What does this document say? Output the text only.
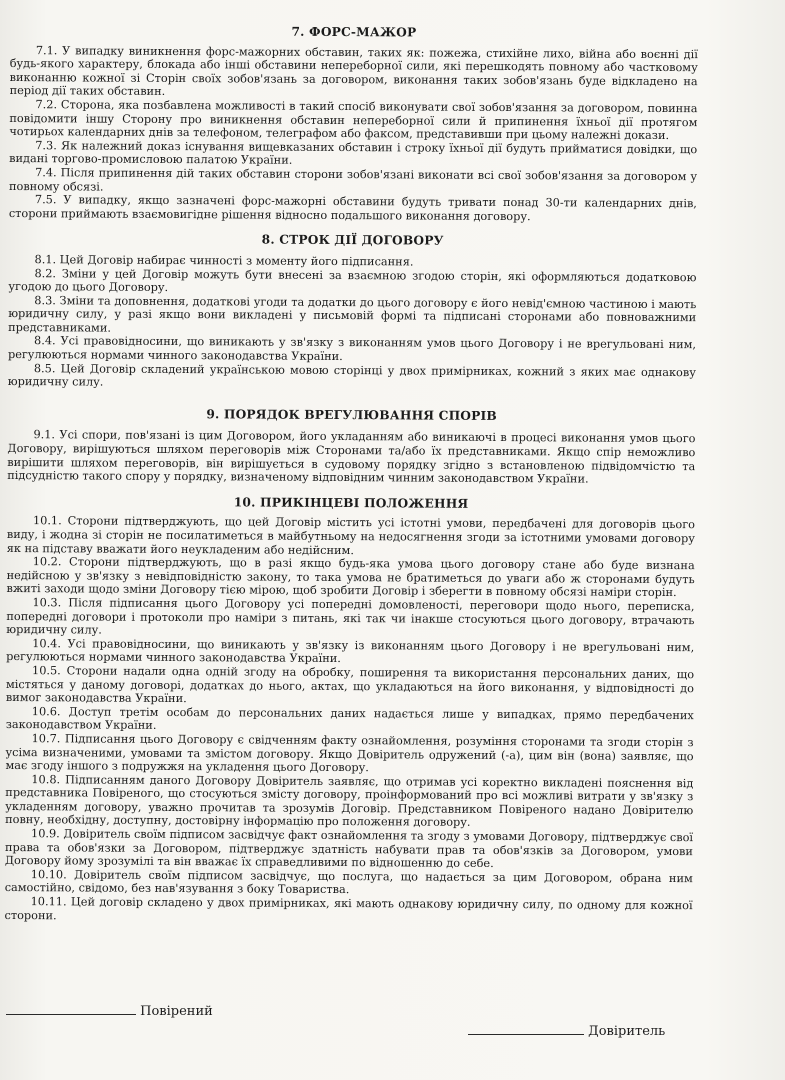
7. ФОРС-МАЖОР

7.1. У випадку виникнення форс-мажорних обставин, таких як: пожежа, стихійне лихо, війна або воєнні дії будь-якого характеру, блокада або інші обставини непереборної сили, які перешкодять повному або частковому виконанню кожної зі Сторін своїх зобов'язань за договором, виконання таких зобов'язань буде відкладено на період дії таких обставин.

7.2. Сторона, яка позбавлена можливості в такий спосіб виконувати свої зобов'язання за договором, повинна повідомити іншу Сторону про виникнення обставин непереборної сили й припинення їхньої дії протягом чотирьох календарних днів за телефоном, телеграфом або факсом, представивши при цьому належні докази.

7.3. Як належний доказ існування вищевказаних обставин і строку їхньої дії будуть прийматися довідки, що видані торгово-промисловою палатою України.

7.4. Після припинення дій таких обставин сторони зобов'язані виконати всі свої зобов'язання за договором у повному обсязі.

7.5. У випадку, якщо зазначені форс-мажорні обставини будуть тривати понад 30-ти календарних днів, сторони приймають взаємовигідне рішення відносно подальшого виконання договору.

8. СТРОК ДІЇ ДОГОВОРУ

8.1. Цей Договір набирає чинності з моменту його підписання.

8.2. Зміни у цей Договір можуть бути внесені за взаємною згодою сторін, які оформляються додатковою угодою до цього Договору.

8.3. Зміни та доповнення, додаткові угоди та додатки до цього договору є його невід'ємною частиною і мають юридичну силу, у разі якщо вони викладені у письмовій формі та підписані сторонами або повноважними представниками.

8.4. Усі правовідносини, що виникають у зв'язку з виконанням умов цього Договору і не врегульовані ним, регулюються нормами чинного законодавства України.

8.5. Цей Договір складений українською мовою сторінці у двох примірниках, кожний з яких має однакову юридичну силу.

9. ПОРЯДОК ВРЕГУЛЮВАННЯ СПОРІВ

9.1. Усі спори, пов'язані із цим Договором, його укладанням або виникаючі в процесі виконання умов цього Договору, вирішуються шляхом переговорів між Сторонами та/або їх представниками. Якщо спір неможливо вирішити шляхом переговорів, він вирішується в судовому порядку згідно з встановленою підвідомчістю та підсудністю такого спору у порядку, визначеному відповідним чинним законодавством України.

10. ПРИКІНЦЕВІ ПОЛОЖЕННЯ

10.1. Сторони підтверджують, що цей Договір містить усі істотні умови, передбачені для договорів цього виду, і жодна зі сторін не посилатиметься в майбутньому на недосягнення згоди за істотними умовами договору як на підставу вважати його неукладеним або недійсним.

10.2. Сторони підтверджують, що в разі якщо будь-яка умова цього договору стане або буде визнана недійсною у зв'язку з невідповідністю закону, то така умова не братиметься до уваги або ж сторонами будуть вжиті заходи щодо зміни Договору тією мірою, щоб зробити Договір і зберегти в повному обсязі наміри сторін.

10.3. Після підписання цього Договору усі попередні домовленості, переговори щодо нього, переписка, попередні договори і протоколи про наміри з питань, які так чи інакше стосуються цього договору, втрачають юридичну силу.

10.4. Усі правовідносини, що виникають у зв'язку із виконанням цього Договору і не врегульовані ним, регулюються нормами чинного законодавства України.

10.5. Сторони надали одна одній згоду на обробку, поширення та використання персональних даних, що містяться у даному договорі, додатках до нього, актах, що укладаються на його виконання, у відповідності до вимог законодавства України.

10.6. Доступ третім особам до персональних даних надається лише у випадках, прямо передбачених законодавством України.

10.7. Підписання цього Договору є свідченням факту ознайомлення, розуміння сторонами та згоди сторін з усіма визначеними, умовами та змістом договору. Якщо Довіритель одружений (-а), цим він (вона) заявляє, що має згоду іншого з подружжя на укладення цього Договору.

10.8. Підписанням даного Договору Довіритель заявляє, що отримав усі коректно викладені пояснення від представника Повіреного, що стосуються змісту договору, проінформований про всі можливі витрати у зв'язку з укладенням договору, уважно прочитав та зрозумів Договір. Представником Повіреного надано Довірителю повну, необхідну, доступну, достовірну інформацію про положення договору.

10.9. Довіритель своїм підписом засвідчує факт ознайомлення та згоду з умовами Договору, підтверджує свої права та обов'язки за Договором, підтверджує здатність набувати прав та обов'язків за Договором, умови Договору йому зрозумілі та він вважає їх справедливими по відношенню до себе.

10.10. Довіритель своїм підписом засвідчує, що послуга, що надається за цим Договором, обрана ним самостійно, свідомо, без нав'язування з боку Товариства.

10.11. Цей договір складено у двох примірниках, які мають однакову юридичну силу, по одному для кожної сторони.

Повірений
Довіритель
